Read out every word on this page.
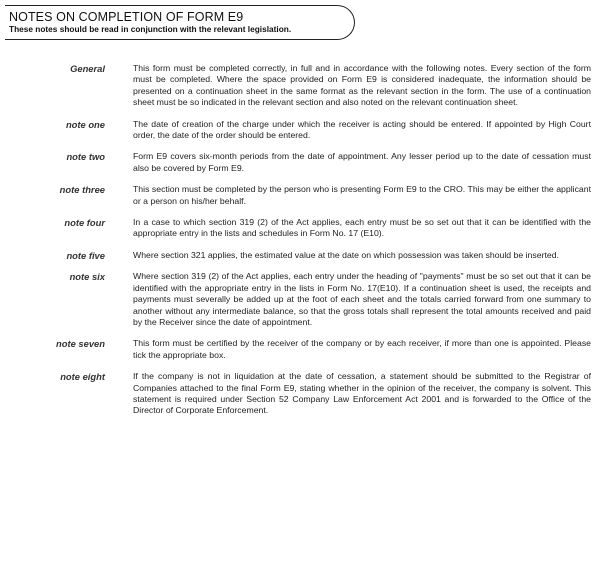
NOTES ON COMPLETION OF FORM E9
These notes should be read in conjunction with the relevant legislation.
General	This form must be completed correctly, in full and in accordance with the following notes. Every section of the form must be completed. Where the space provided on Form E9 is considered inadequate, the information should be presented on a continuation sheet in the same format as the relevant section in the form. The use of a continuation sheet must be so indicated in the relevant section and also noted on the relevant continuation sheet.
note one	The date of creation of the charge under which the receiver is acting should be entered. If appointed by High Court order, the date of the order should be entered.
note two	Form E9 covers six-month periods from the date of appointment. Any lesser period up to the date of cessation must also be covered by Form E9.
note three	This section must be completed by the person who is presenting Form E9 to the CRO. This may be either the applicant or a person on his/her behalf.
note four	In a case to which section 319 (2) of the Act applies, each entry must be so set out that it can be identified with the appropriate entry in the lists and schedules in Form No. 17 (E10).
note five	Where section 321 applies, the estimated value at the date on which possession was taken should be inserted.
note six	Where section 319 (2) of the Act applies, each entry under the heading of "payments" must be so set out that it can be identified with the appropriate entry in the lists in Form No. 17(E10). If a continuation sheet is used, the receipts and payments must severally be added up at the foot of each sheet and the totals carried forward from one summary to another without any intermediate balance, so that the gross totals shall represent the total amounts received and paid by the Receiver since the date of appointment.
note seven	This form must be certified by the receiver of the company or by each receiver, if more than one is appointed. Please tick the appropriate box.
note eight	If the company is not in liquidation at the date of cessation, a statement should be submitted to the Registrar of Companies attached to the final Form E9, stating whether in the opinion of the receiver, the company is solvent. This statement is required under Section 52 Company Law Enforcement Act 2001 and is forwarded to the Office of the Director of Corporate Enforcement.
